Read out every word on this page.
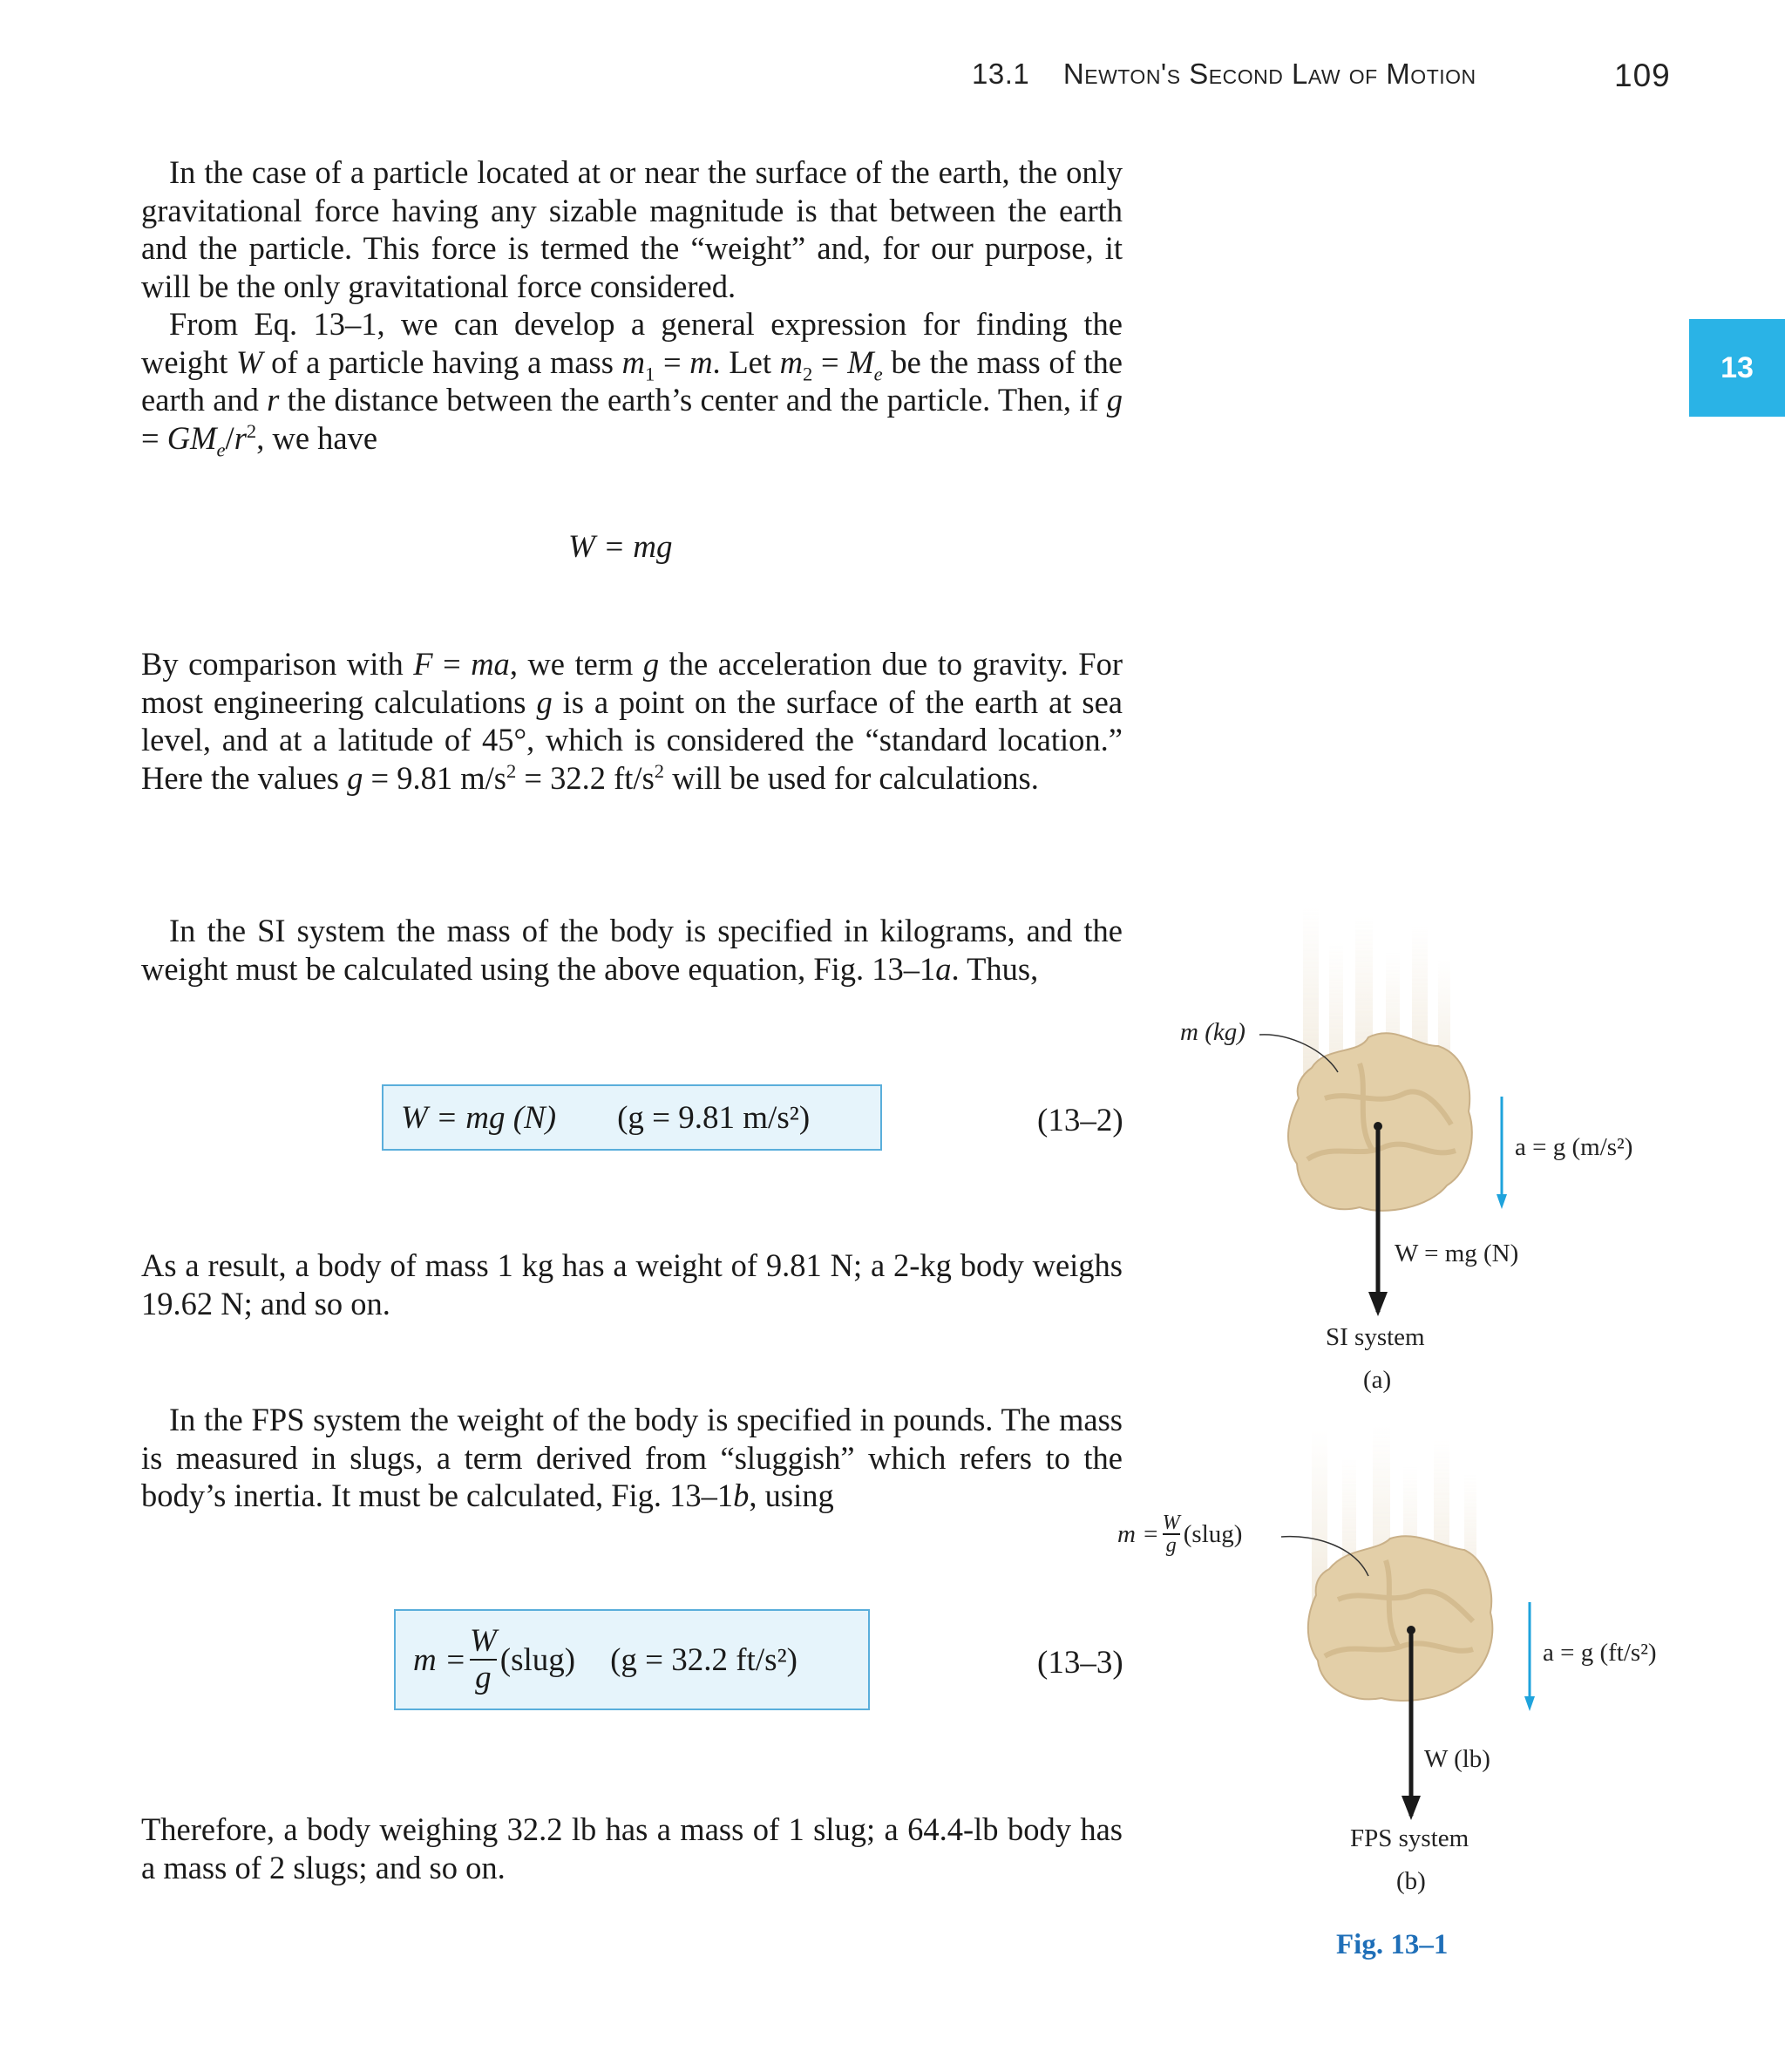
13.1 Newton's Second Law of Motion	109
13

In the case of a particle located at or near the surface of the earth, the only gravitational force having any sizable magnitude is that between the earth and the particle. This force is termed the “weight” and, for our purpose, it will be the only gravitational force considered.

From Eq. 13–1, we can develop a general expression for finding the weight W of a particle having a mass $m_1 = m$. Let $m_2 = M_e$ be the mass of the earth and r the distance between the earth’s center and the particle. Then, if $g = GM_e/r^2$, we have

W = mg

By comparison with F = ma, we term g the acceleration due to gravity. For most engineering calculations g is a point on the surface of the earth at sea level, and at a latitude of 45°, which is considered the “standard location.” Here the values g = 9.81 $m/s^2 = 32.2$ $ft/s^2$ will be used for calculations.

In the SI system the mass of the body is specified in kilograms, and the weight must be calculated using the above equation, Fig. 13–1a. Thus,

W = mg (N) (g = 9.81 m/s²)	(13–2)

As a result, a body of mass 1 kg has a weight of 9.81 N; a 2-kg body weighs 19.62 N; and so on.

In the FPS system the weight of the body is specified in pounds. The mass is measured in slugs, a term derived from “sluggish” which refers to the body’s inertia. It must be calculated, Fig. 13–1b, using

$m = \frac{W}{g}$ (slug) (g = 32.2 ft/s²)	(13–3)

Therefore, a body weighing 32.2 lb has a mass of 1 slug; a 64.4-lb body has a mass of 2 slugs; and so on.

m (kg)
a = g (m/s²)
W = mg (N)
SI system
(a)
$m = \frac{W}{g}$ (slug)
a = g (ft/s²)
W (lb)
FPS system
(b)
Fig. 13–1
